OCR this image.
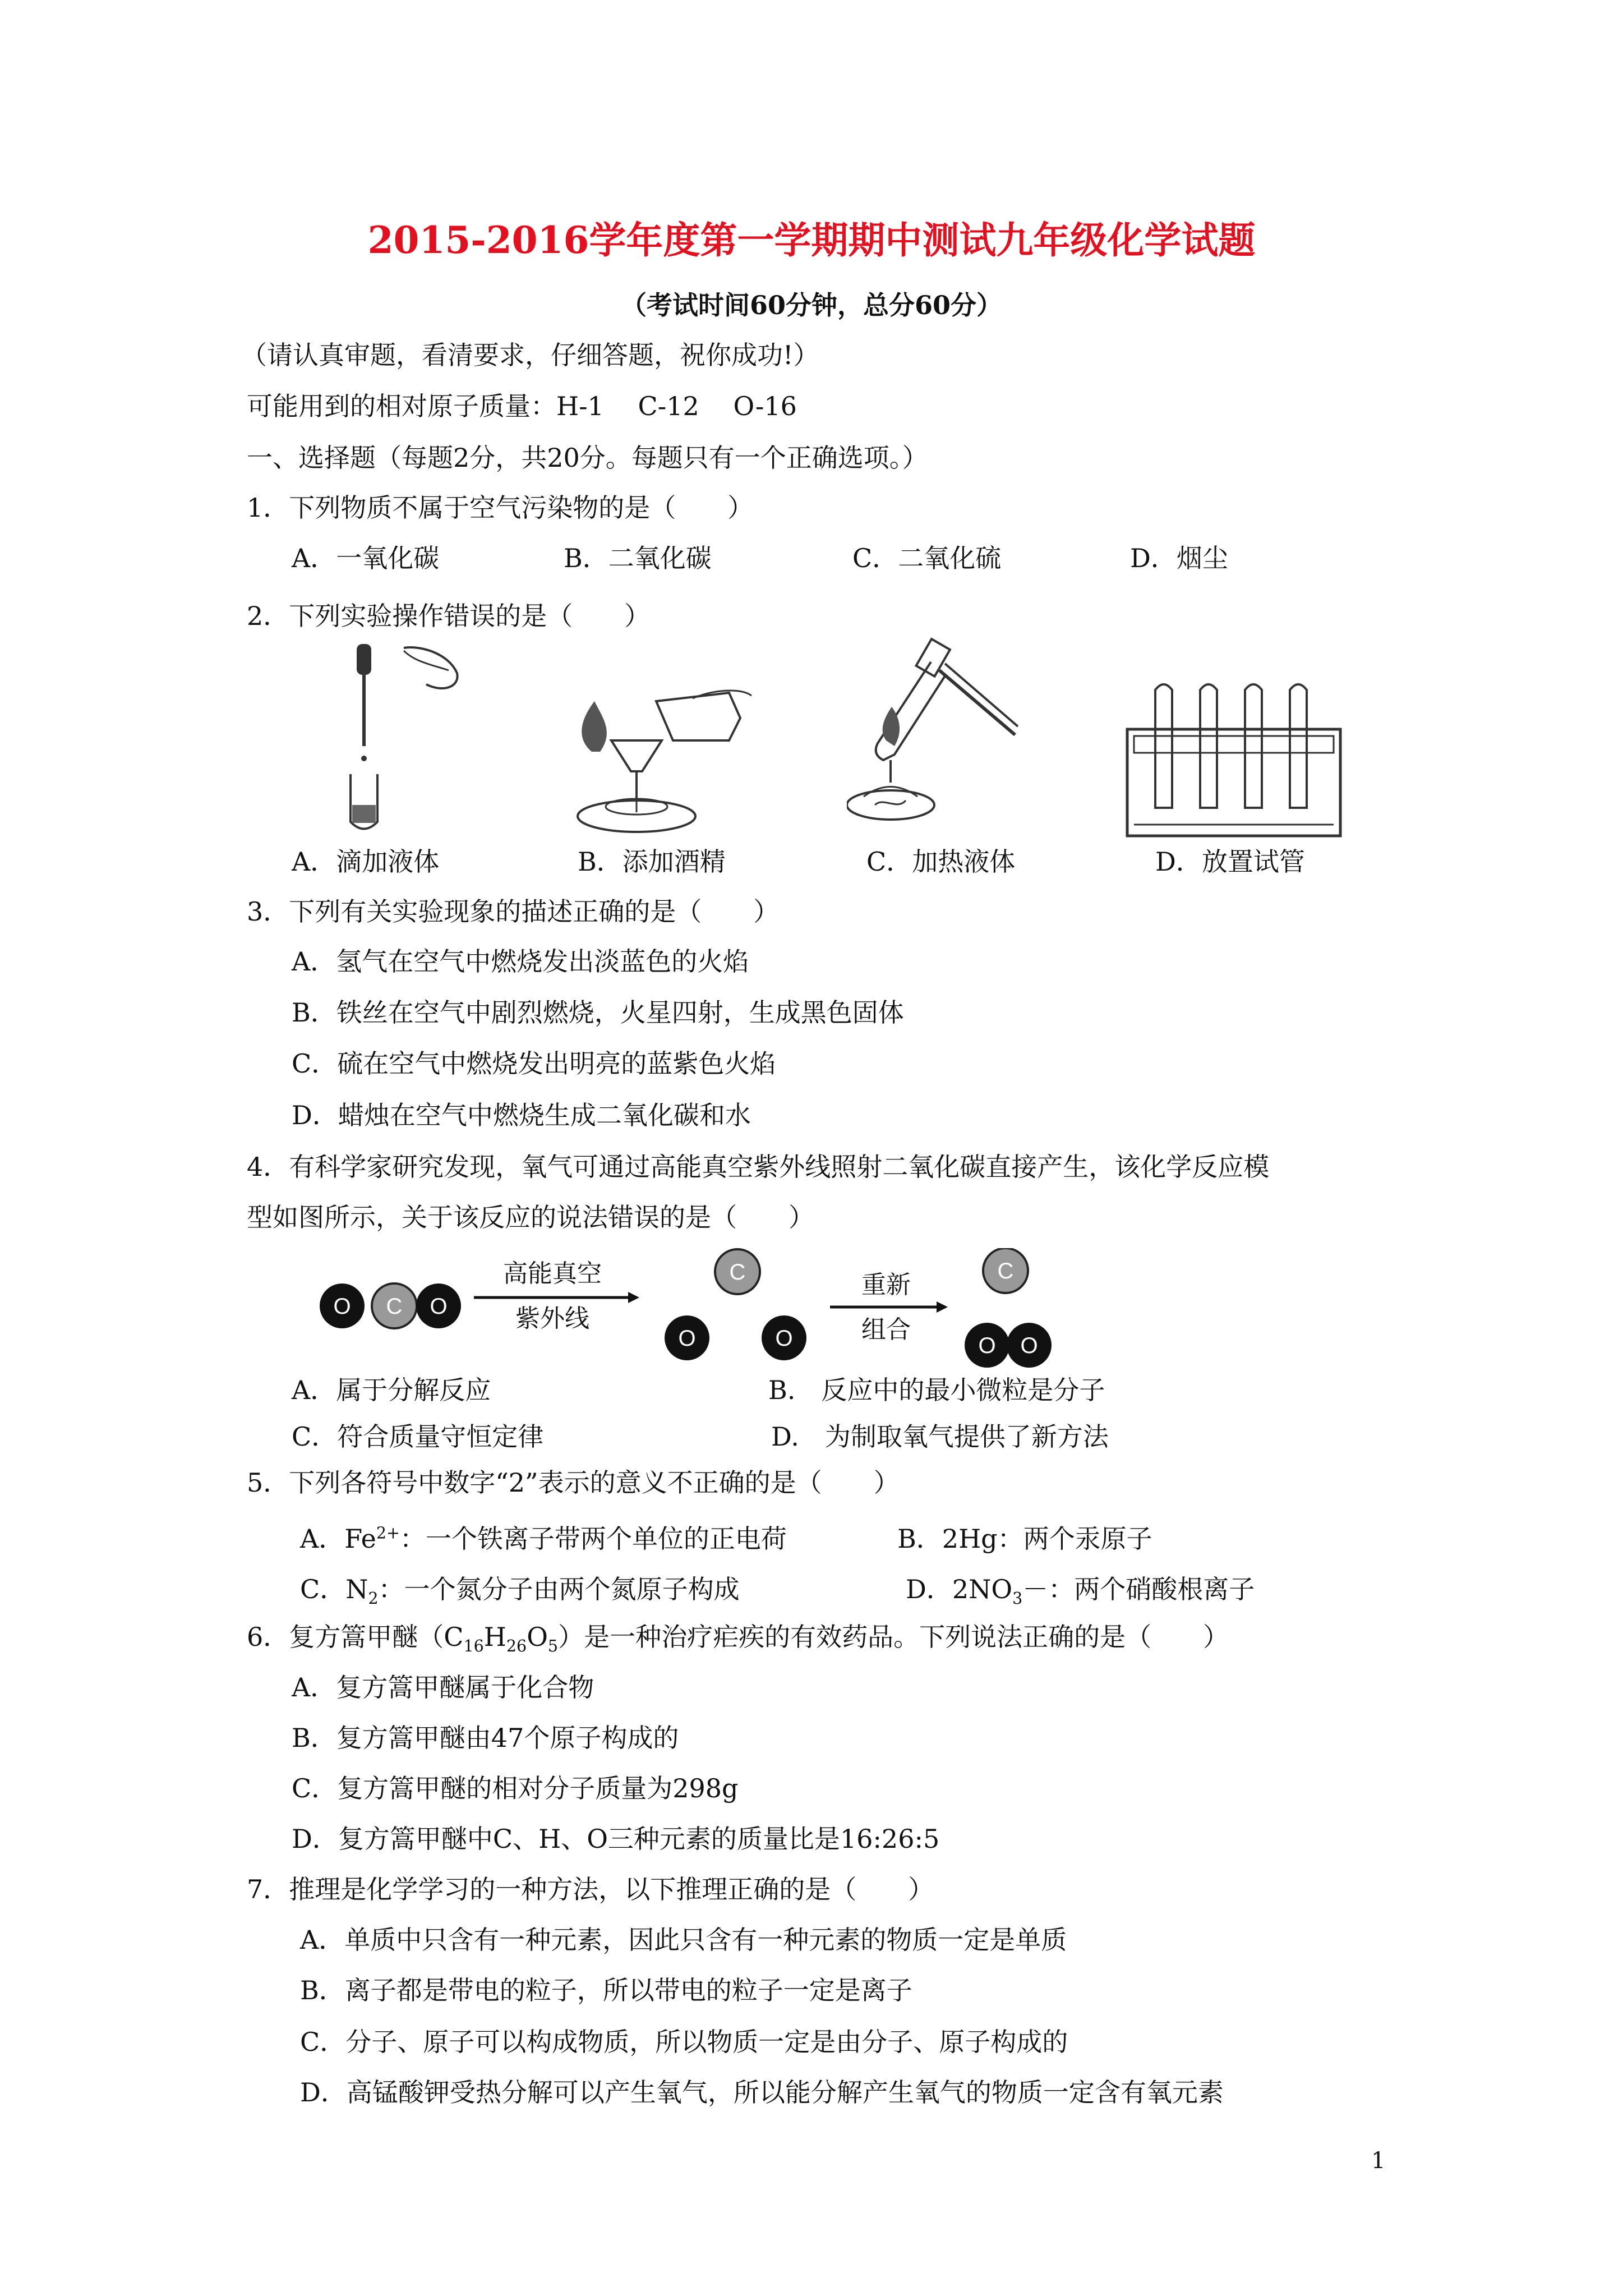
2015-2016学年度第一学期期中测试九年级化学试题
（考试时间60分钟，总分60分）
（请认真审题，看清要求，仔细答题，祝你成功!）
可能用到的相对原子质量：H-1　 C-12　 O-16
一、选择题（每题2分，共20分。每题只有一个正确选项。）
1．下列物质不属于空气污染物的是（　　）
A．一氧化碳	B．二氧化碳	C．二氧化硫	D．烟尘
2．下列实验操作错误的是（　　）
A．滴加液体	B．添加酒精	C．加热液体	D．放置试管
3．下列有关实验现象的描述正确的是（　　）
A．氢气在空气中燃烧发出淡蓝色的火焰
B．铁丝在空气中剧烈燃烧，火星四射，生成黑色固体
C．硫在空气中燃烧发出明亮的蓝紫色火焰
D．蜡烛在空气中燃烧生成二氧化碳和水
4．有科学家研究发现，氧气可通过高能真空紫外线照射二氧化碳直接产生，该化学反应模
型如图所示，关于该反应的说法错误的是（　　）
O C O
高能真空
紫外线
C
O	O
重新
组合
C
O O
A．属于分解反应	B.　反应中的最小微粒是分子
C．符合质量守恒定律	D.　为制取氧气提供了新方法
5．下列各符号中数字“2”表示的意义不正确的是（　　）
A．$Fe^{2+}$：一个铁离子带两个单位的正电荷	B．2Hg：两个汞原子
C．$N_2$：一个氮分子由两个氮原子构成	D．$2NO_3-$：两个硝酸根离子
6．复方篙甲醚$(C_{16}H_{26}O_5)$是一种治疗疟疾的有效药品。下列说法正确的是（　　）
A．复方篙甲醚属于化合物
B．复方篙甲醚由47个原子构成的
C．复方篙甲醚的相对分子质量为298g
D．复方篙甲醚中C、H、O三种元素的质量比是16:26:5
7．推理是化学学习的一种方法，以下推理正确的是（　　）
A．单质中只含有一种元素，因此只含有一种元素的物质一定是单质
B．离子都是带电的粒子，所以带电的粒子一定是离子
C．分子、原子可以构成物质，所以物质一定是由分子、原子构成的
D．高锰酸钾受热分解可以产生氧气，所以能分解产生氧气的物质一定含有氧元素
1
